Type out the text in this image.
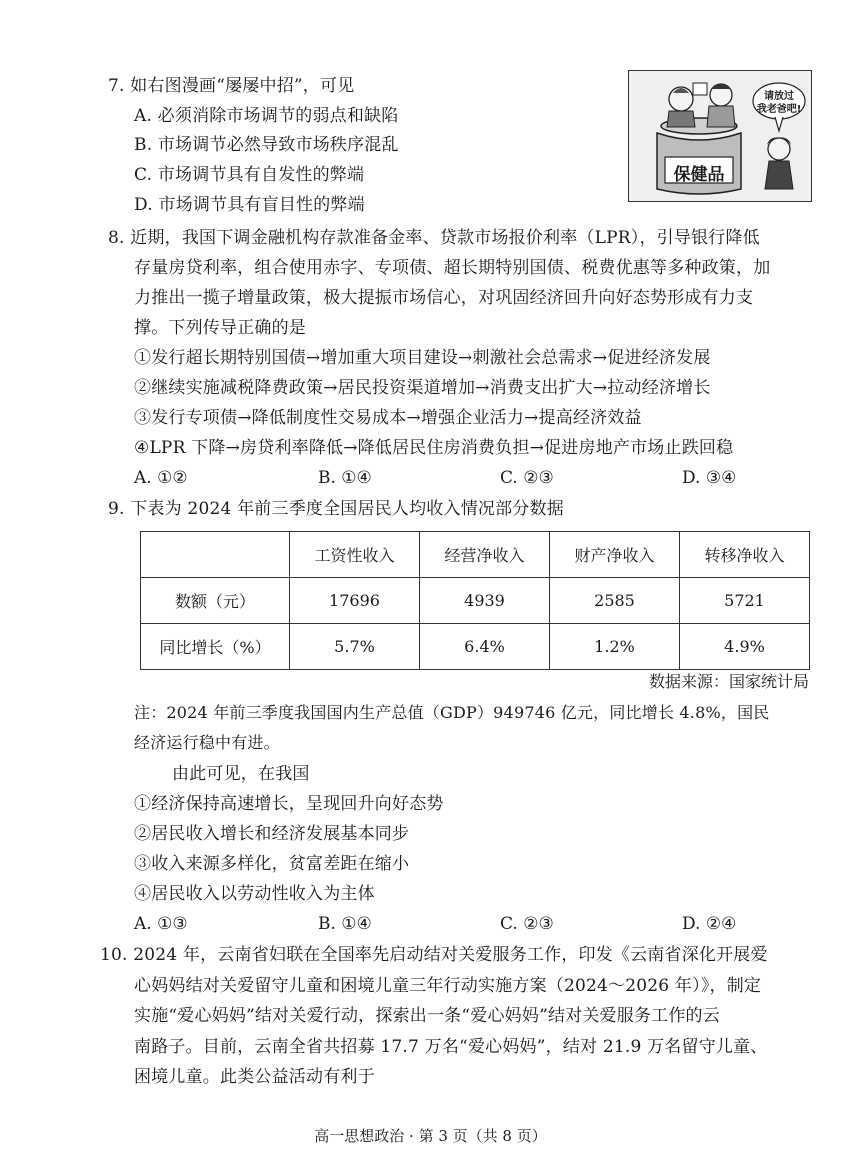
7. 如右图漫画“屡屡中招”，可见
A. 必须消除市场调节的弱点和缺陷
B. 市场调节必然导致市场秩序混乱
C. 市场调节具有自发性的弊端
D. 市场调节具有盲目性的弊端
保健品
请放过
我老爸吧!
8. 近期，我国下调金融机构存款准备金率、贷款市场报价利率（LPR），引导银行降低
存量房贷利率，组合使用赤字、专项债、超长期特别国债、税费优惠等多种政策，加
力推出一揽子增量政策，极大提振市场信心，对巩固经济回升向好态势形成有力支
撑。下列传导正确的是
①发行超长期特别国债→增加重大项目建设→刺激社会总需求→促进经济发展
②继续实施减税降费政策→居民投资渠道增加→消费支出扩大→拉动经济增长
③发行专项债→降低制度性交易成本→增强企业活力→提高经济效益
④LPR 下降→房贷利率降低→降低居民住房消费负担→促进房地产市场止跌回稳
A. ①②	B. ①④	C. ②③	D. ③④
9. 下表为 2024 年前三季度全国居民人均收入情况部分数据
	工资性收入	经营净收入	财产净收入	转移净收入
数额（元）	17696	4939	2585	5721
同比增长（%）	5.7%	6.4%	1.2%	4.9%
数据来源：国家统计局
注：2024 年前三季度我国国内生产总值（GDP）949746 亿元，同比增长 4.8%，国民
经济运行稳中有进。
由此可见，在我国
①经济保持高速增长，呈现回升向好态势
②居民收入增长和经济发展基本同步
③收入来源多样化，贫富差距在缩小
④居民收入以劳动性收入为主体
A. ①③	B. ①④	C. ②③	D. ②④
10. 2024 年，云南省妇联在全国率先启动结对关爱服务工作，印发《云南省深化开展爱
心妈妈结对关爱留守儿童和困境儿童三年行动实施方案（2024～2026 年）》，制定
实施“爱心妈妈”结对关爱行动，探索出一条“爱心妈妈”结对关爱服务工作的云
南路子。目前，云南全省共招募 17.7 万名“爱心妈妈”，结对 21.9 万名留守儿童、
困境儿童。此类公益活动有利于
高一思想政治 · 第 3 页（共 8 页）
